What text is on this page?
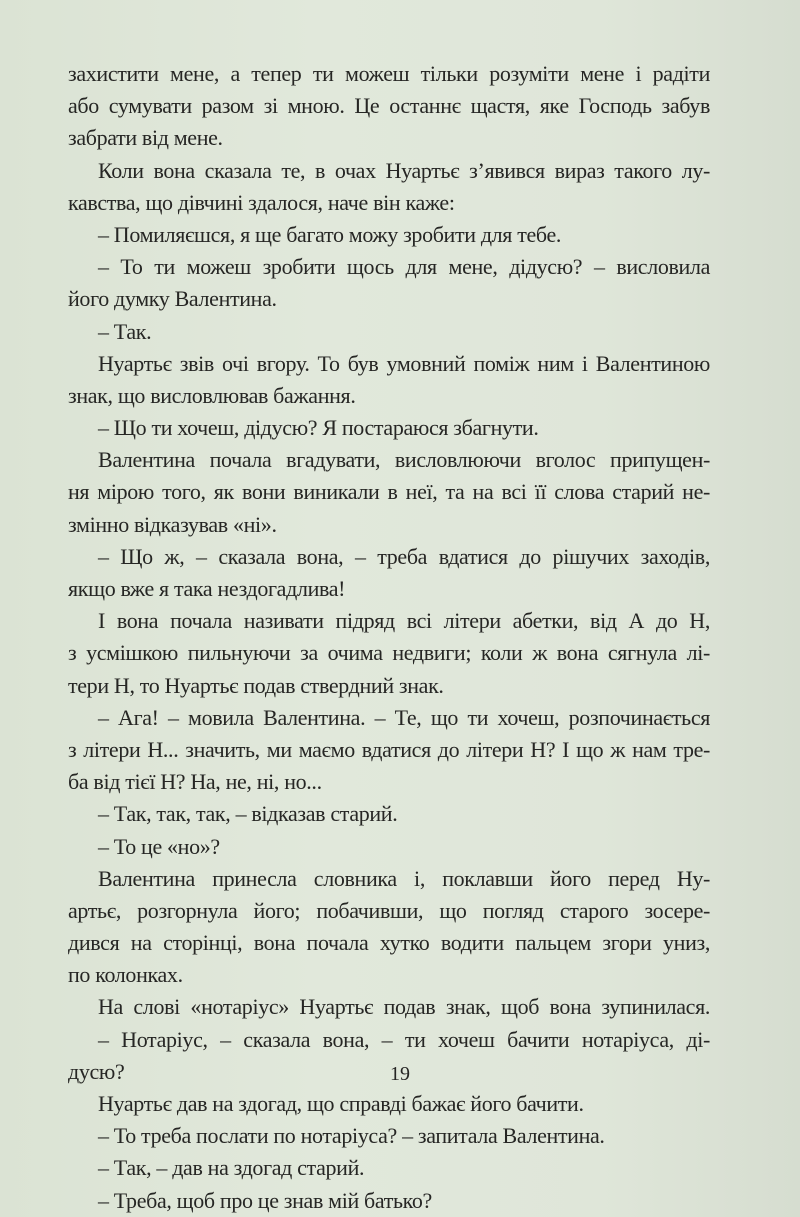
захистити мене, а тепер ти можеш тільки розуміти мене і радіти
або сумувати разом зі мною. Це останнє щастя, яке Господь забув
забрати від мене.
Коли вона сказала те, в очах Нуартьє з’явився вираз такого лу-
кавства, що дівчині здалося, наче він каже:
– Помиляєшся, я ще багато можу зробити для тебе.
– То ти можеш зробити щось для мене, дідусю? – висловила
його думку Валентина.
– Так.
Нуартьє звів очі вгору. То був умовний поміж ним і Валентиною
знак, що висловлював бажання.
– Що ти хочеш, дідусю? Я постараюся збагнути.
Валентина почала вгадувати, висловлюючи вголос припущен-
ня мірою того, як вони виникали в неї, та на всі її слова старий не-
змінно відказував «ні».
– Що ж, – сказала вона, – треба вдатися до рішучих заходів,
якщо вже я така нездогадлива!
І вона почала називати підряд всі літери абетки, від А до Н,
з усмішкою пильнуючи за очима недвиги; коли ж вона сягнула лі-
тери Н, то Нуартьє подав ствердний знак.
– Ага! – мовила Валентина. – Те, що ти хочеш, розпочинається
з літери Н... значить, ми маємо вдатися до літери Н? І що ж нам тре-
ба від тієї Н? На, не, ні, но...
– Так, так, так, – відказав старий.
– То це «но»?
Валентина принесла словника і, поклавши його перед Ну-
артьє, розгорнула його; побачивши, що погляд старого зосере-
дився на сторінці, вона почала хутко водити пальцем згори униз,
по колонках.
На слові «нотаріус» Нуартьє подав знак, щоб вона зупинилася.
– Нотаріус, – сказала вона, – ти хочеш бачити нотаріуса, ді-
дусю?
Нуартьє дав на здогад, що справді бажає його бачити.
– То треба послати по нотаріуса? – запитала Валентина.
– Так, – дав на здогад старий.
– Треба, щоб про це знав мій батько?
19
